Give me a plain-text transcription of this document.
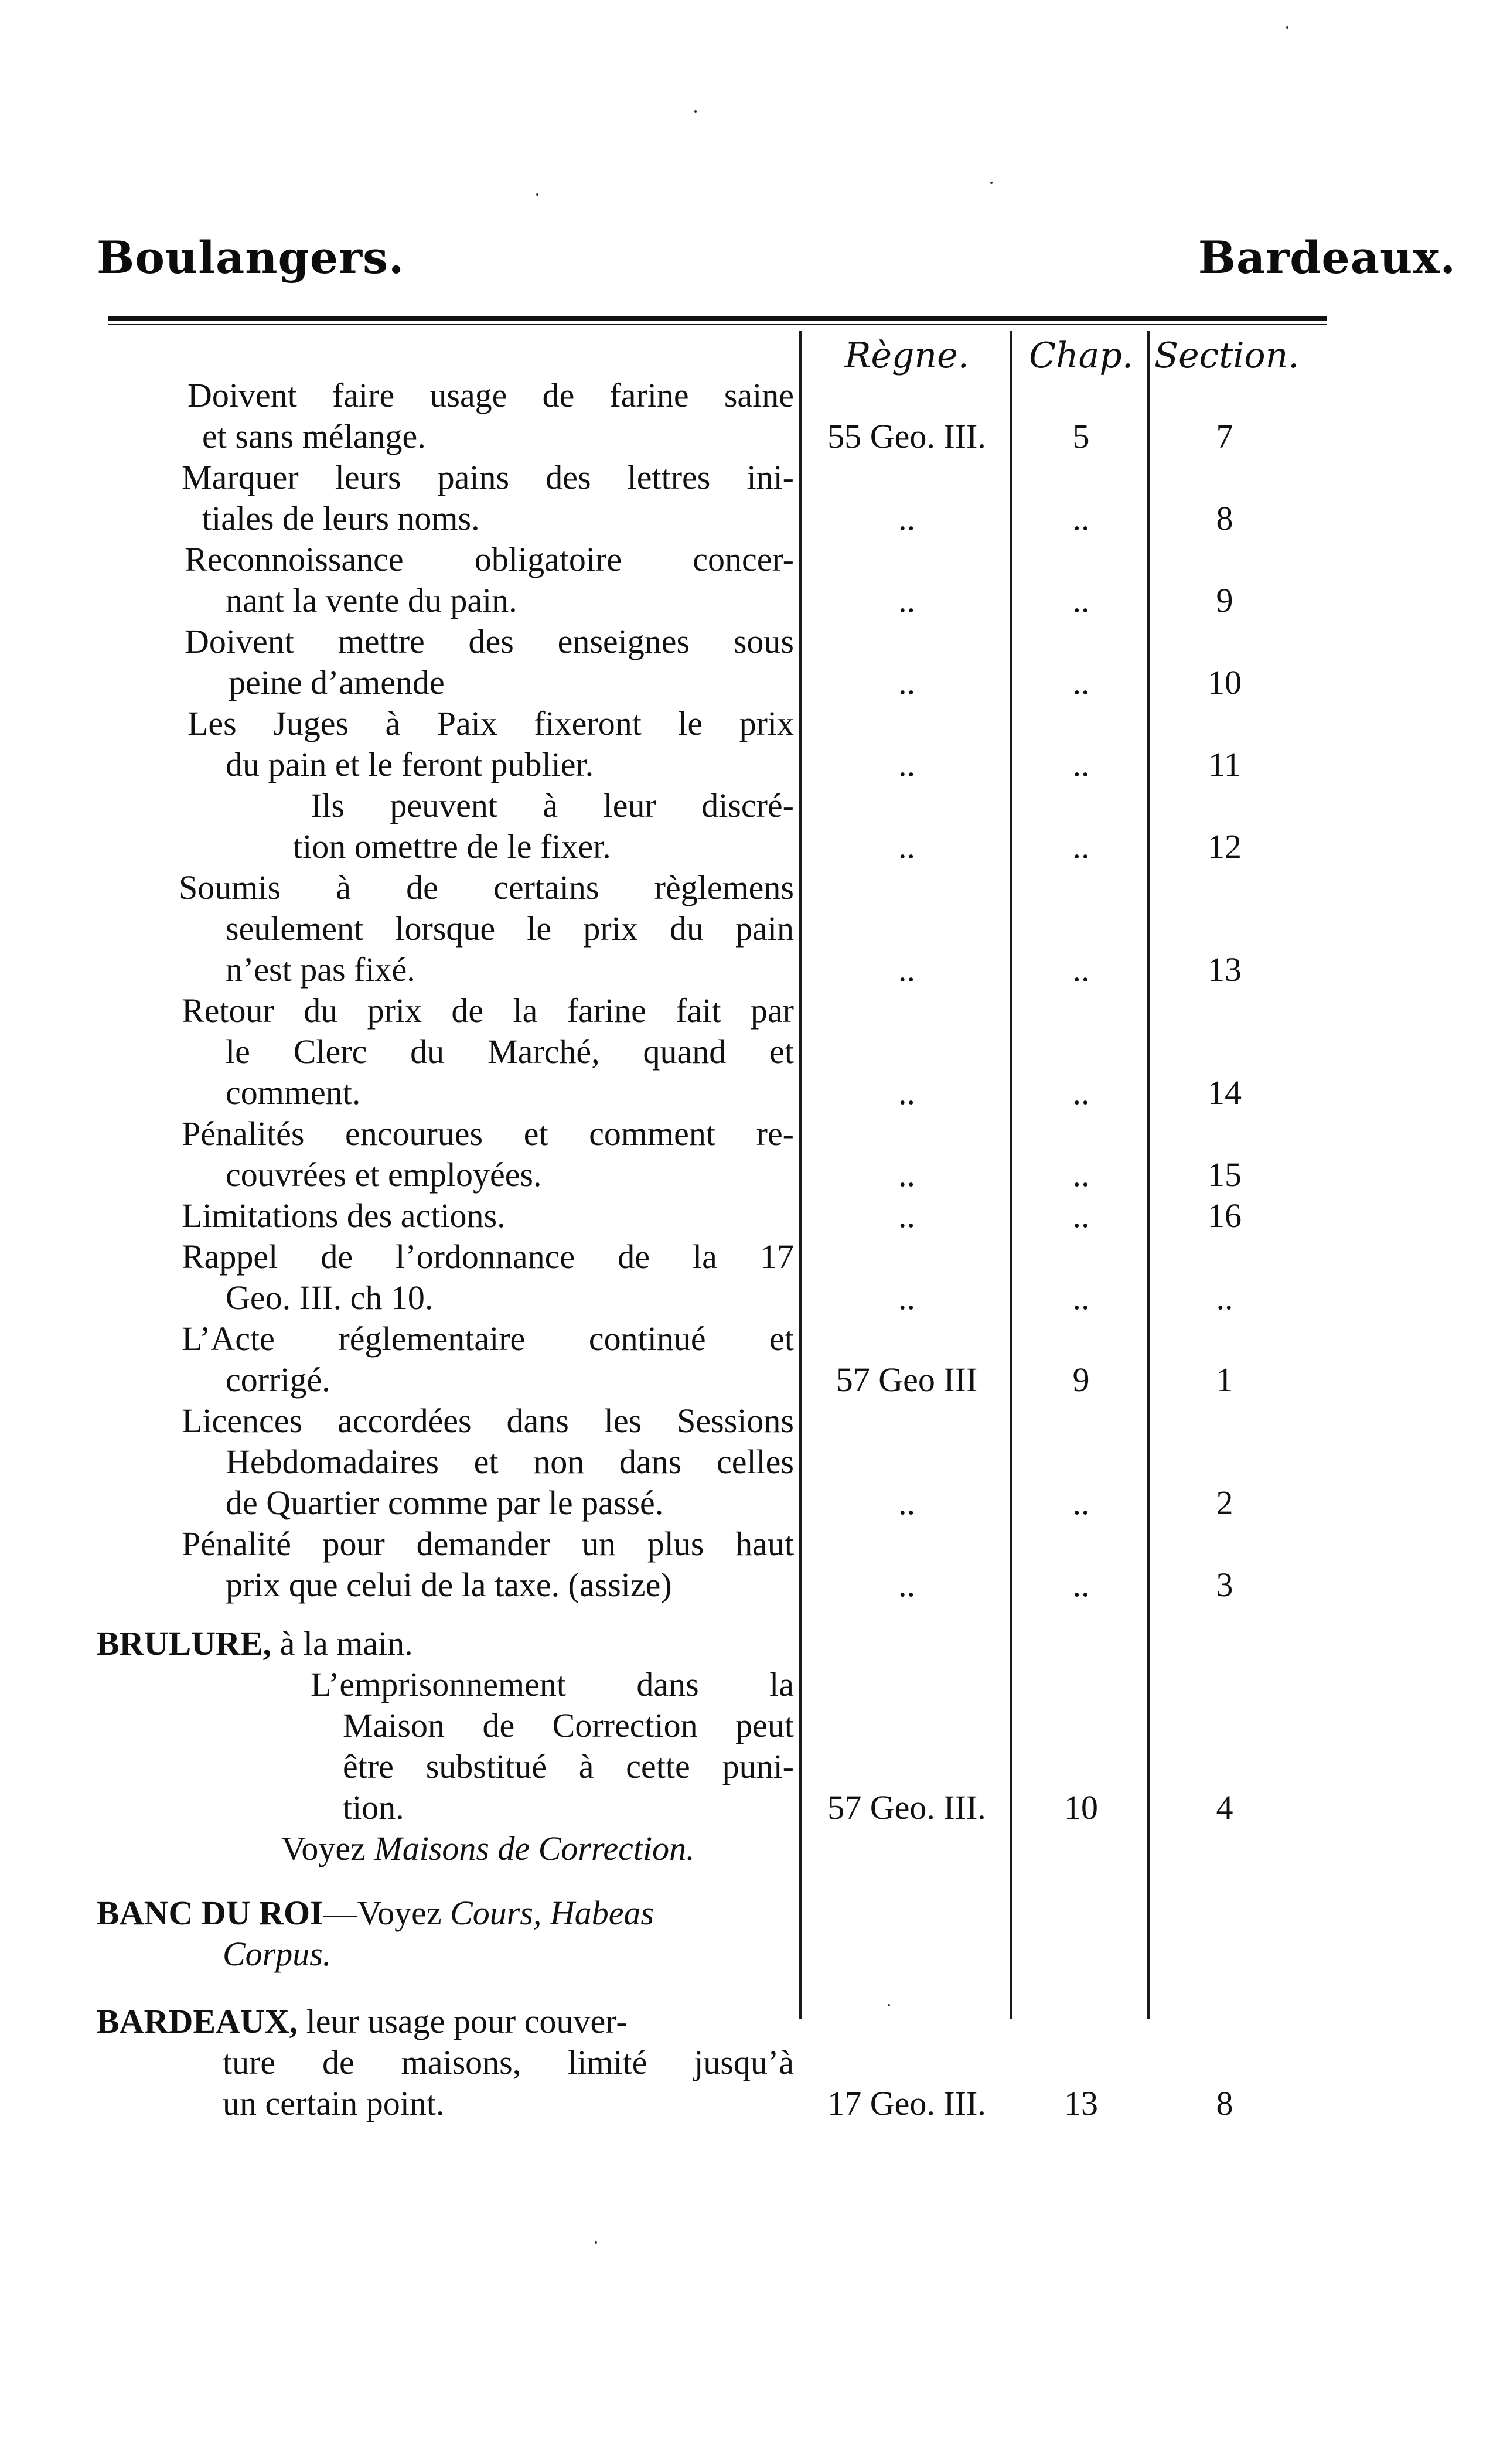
Boulangers.	Bardeaux.
Règne.	Chap. Section.
Doivent faire usage de farine saine
et sans mélange.	55 Geo. III.	5	7
Marquer leurs pains des lettres ini-
tiales de leurs noms.	..	..	8
Reconnoissance obligatoire concer-
nant la vente du pain.	..	..	9
Doivent mettre des enseignes sous
peine d’amende	..	..	10
Les Juges à Paix fixeront le prix
du pain et le feront publier.	..	..	11
Ils peuvent à leur discré-
tion omettre de le fixer.	..	..	12
Soumis à de certains règlemens
seulement lorsque le prix du pain
n’est pas fixé.	..	..	13
Retour du prix de la farine fait par
le Clerc du Marché, quand et
comment.	..	..	14
Pénalités encourues et comment re-
couvrées et employées.	..	..	15
Limitations des actions.	..	..	16
Rappel de l’ordonnance de la 17
Geo. III. ch 10.	..	..	..
L’Acte réglementaire continué et
corrigé.	57 Geo III	9	1
Licences accordées dans les Sessions
Hebdomadaires et non dans celles
de Quartier comme par le passé.	..	..	2
Pénalité pour demander un plus haut
prix que celui de la taxe. (assize)	..	..	3
BRULURE, à la main.
L’emprisonnement dans la
Maison de Correction peut
être substitué à cette puni-
tion.	57 Geo. III.	10	4
Voyez Maisons de Correction.
BANC DU ROI—Voyez Cours, Habeas
Corpus.
BARDEAUX, leur usage pour couver-
ture de maisons, limité jusqu’à
un certain point.	17 Geo. III.	13	8
